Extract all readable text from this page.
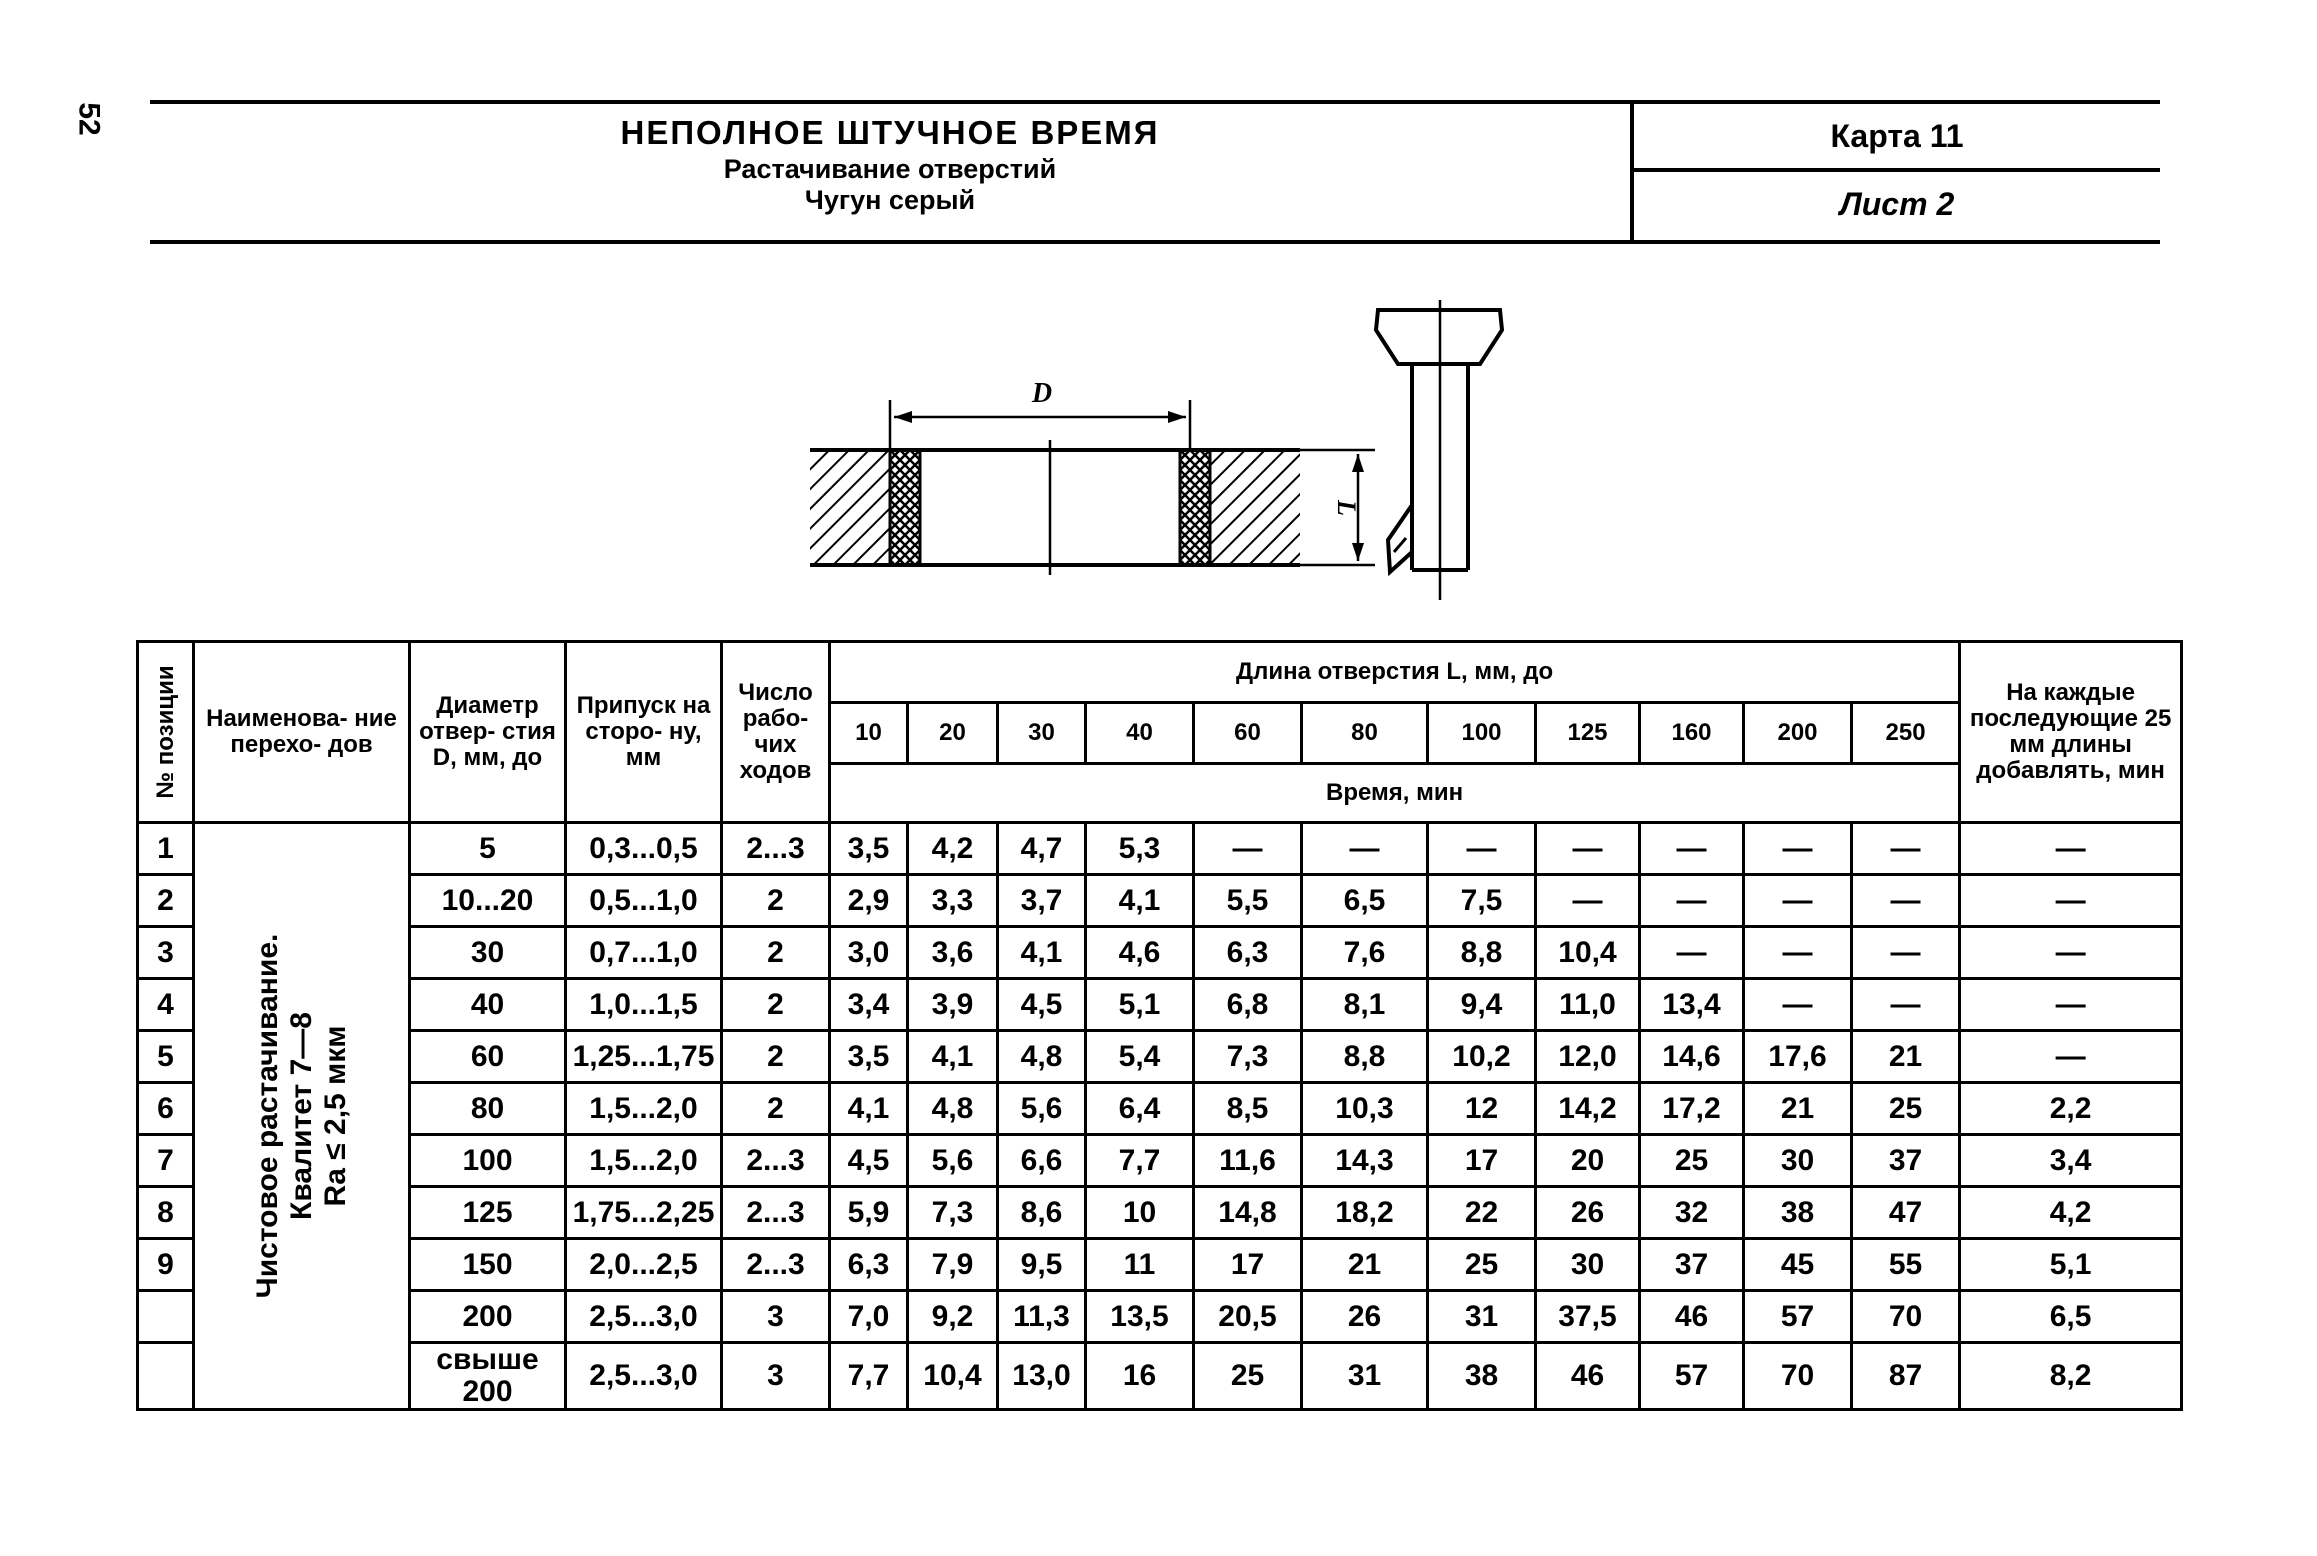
52	НЕПОЛНОЕ ШТУЧНОЕ ВРЕМЯ
Растачивание отверстий
Чугун серый
Карта 11
Лист 2
D
L
№ позиции	Наименова- ние перехо- дов	Диаметр отвер- стия D, мм, до	Припуск на сторо- ну, мм	Число рабо- чих ходов	Длина отверстия L, мм, до											На каждые последующие 25 мм длины добавлять, мин
					10	20	30	40	60	80	100	125	160	200	250	
					Время, мин											
1	Чистовое растачивание. Квалитет 7—8 Ra ≤ 2,5 мкм	5	0,3...0,5	2...3	3,5	4,2	4,7	5,3	—	—	—	—	—	—	—	—
2		10...20	0,5...1,0	2	2,9	3,3	3,7	4,1	5,5	6,5	7,5	—	—	—	—	—
3		30	0,7...1,0	2	3,0	3,6	4,1	4,6	6,3	7,6	8,8	10,4	—	—	—	—
4		40	1,0...1,5	2	3,4	3,9	4,5	5,1	6,8	8,1	9,4	11,0	13,4	—	—	—
5		60	1,25...1,75	2	3,5	4,1	4,8	5,4	7,3	8,8	10,2	12,0	14,6	17,6	21	—
6		80	1,5...2,0	2	4,1	4,8	5,6	6,4	8,5	10,3	12	14,2	17,2	21	25	2,2
7		100	1,5...2,0	2...3	4,5	5,6	6,6	7,7	11,6	14,3	17	20	25	30	37	3,4
8		125	1,75...2,25	2...3	5,9	7,3	8,6	10	14,8	18,2	22	26	32	38	47	4,2
9		150	2,0...2,5	2...3	6,3	7,9	9,5	11	17	21	25	30	37	45	55	5,1
		200	2,5...3,0	3	7,0	9,2	11,3	13,5	20,5	26	31	37,5	46	57	70	6,5
		свыше 200	2,5...3,0	3	7,7	10,4	13,0	16	25	31	38	46	57	70	87	8,2
